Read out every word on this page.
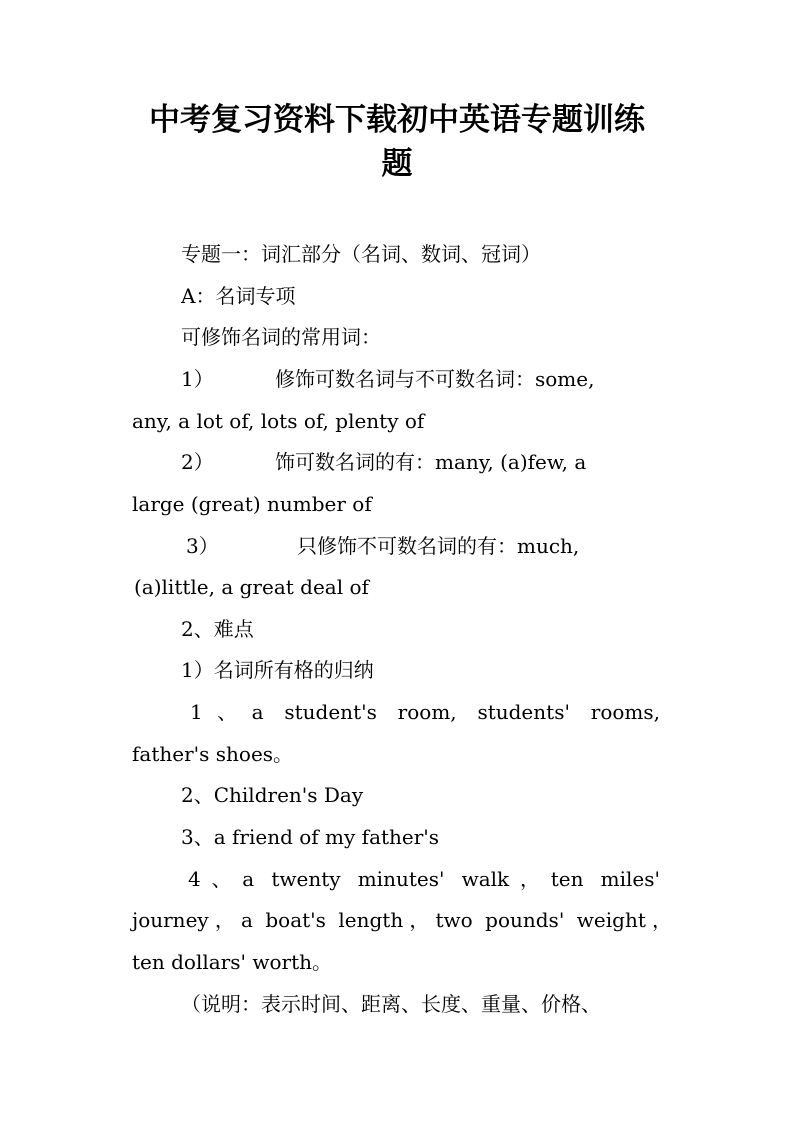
中考复习资料下载初中英语专题训练
题
专题一：词汇部分（名词、数词、冠词）
A：名词专项
可修饰名词的常用词：
1）	修饰可数名词与不可数名词：some,
any, a lot of, lots of, plenty of
2）	饰可数名词的有：many, (a)few, a
large (great) number of
3）	只修饰不可数名词的有：much,
(a)little, a great deal of
2、难点
1）名词所有格的归纳
1、a student's room, students' rooms,
father's shoes。
2、Children's Day
3、a friend of my father's
4、a twenty minutes' walk，ten miles'
journey，a boat's length，two pounds' weight，
ten dollars' worth。
（说明：表示时间、距离、长度、重量、价格、
